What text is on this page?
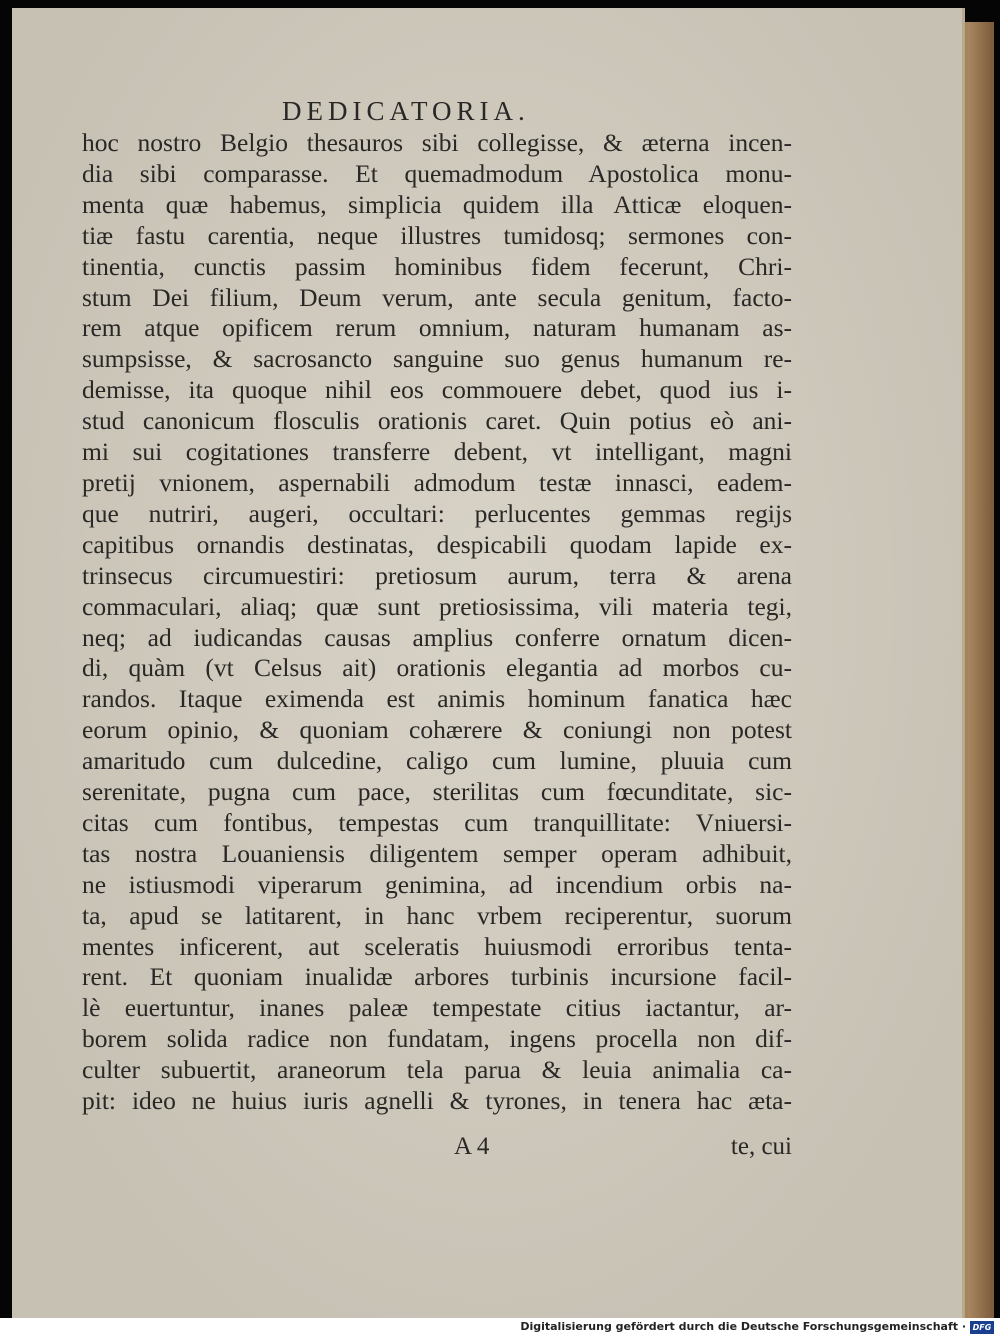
DEDICATORIA.
hoc nostro Belgio thesauros sibi collegisse, & æterna incen-
dia sibi comparasse. Et quemadmodum Apostolica monu-
menta quæ habemus, simplicia quidem illa Atticæ eloquen-
tiæ fastu carentia, neque illustres tumidosq; sermones con-
tinentia, cunctis passim hominibus fidem fecerunt, Chri-
stum Dei filium, Deum verum, ante secula genitum, facto-
rem atque opificem rerum omnium, naturam humanam as-
sumpsisse, & sacrosancto sanguine suo genus humanum re-
demisse, ita quoque nihil eos commouere debet, quod ius i-
stud canonicum flosculis orationis caret. Quin potius eò ani-
mi sui cogitationes transferre debent, vt intelligant, magni
pretij vnionem, aspernabili admodum testæ innasci, eadem-
que nutriri, augeri, occultari: perlucentes gemmas regijs
capitibus ornandis destinatas, despicabili quodam lapide ex-
trinsecus circumuestiri: pretiosum aurum, terra & arena
commaculari, aliaq; quæ sunt pretiosissima, vili materia tegi,
neq; ad iudicandas causas amplius conferre ornatum dicen-
di, quàm (vt Celsus ait) orationis elegantia ad morbos cu-
randos. Itaque eximenda est animis hominum fanatica hæc
eorum opinio, & quoniam cohærere & coniungi non potest
amaritudo cum dulcedine, caligo cum lumine, pluuia cum
serenitate, pugna cum pace, sterilitas cum fœcunditate, sic-
citas cum fontibus, tempestas cum tranquillitate: Vniuersi-
tas nostra Louaniensis diligentem semper operam adhibuit,
ne istiusmodi viperarum genimina, ad incendium orbis na-
ta, apud se latitarent, in hanc vrbem reciperentur, suorum
mentes inficerent, aut sceleratis huiusmodi erroribus tenta-
rent. Et quoniam inualidæ arbores turbinis incursione facil-
lè euertuntur, inanes paleæ tempestate citius iactantur, ar-
borem solida radice non fundatam, ingens procella non dif-
culter subuertit, araneorum tela parua & leuia animalia ca-
pit: ideo ne huius iuris agnelli & tyrones, in tenera hac æta-
A 4	te, cui
Digitalisierung gefördert durch die Deutsche Forschungsgemeinschaft · DFG
